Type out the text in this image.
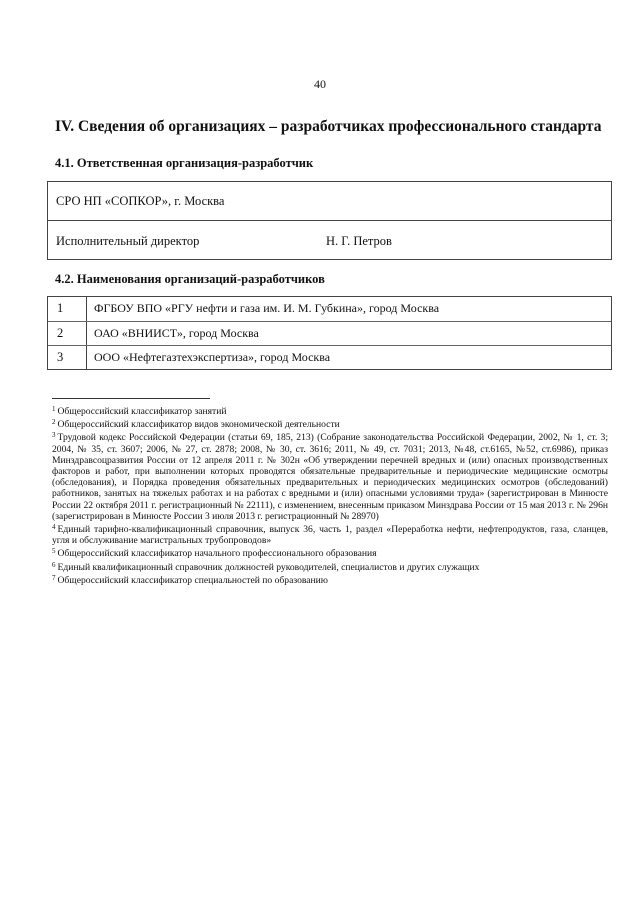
40
IV. Сведения об организациях – разработчиках профессионального стандарта
4.1. Ответственная организация-разработчик
СРО НП «СОПКОР», г. Москва
Исполнительный директор	Н. Г. Петров
4.2. Наименования организаций-разработчиков
1	ФГБОУ ВПО «РГУ нефти и газа им. И. М. Губкина», город Москва
2	ОАО «ВНИИСТ», город Москва
3	ООО «Нефтегазтехэкспертиза», город Москва

$^1$ Общероссийский классификатор занятий

$^2$ Общероссийский классификатор видов экономической деятельности

$^3$ Трудовой кодекс Российской Федерации (статьи 69, 185, 213) (Собрание законодательства Российской Федерации, 2002, № 1, ст. 3; 2004, № 35, ст. 3607; 2006, № 27, ст. 2878; 2008, № 30, ст. 3616; 2011, № 49, ст. 7031; 2013, №48, ст.6165, №52, ст.6986), приказ Минздравсоцразвития России от 12 апреля 2011 г. № 302н «Об утверждении перечней вредных и (или) опасных производственных факторов и работ, при выполнении которых проводятся обязательные предварительные и периодические медицинские осмотры (обследования), и Порядка проведения обязательных предварительных и периодических медицинских осмотров (обследований) работников, занятых на тяжелых работах и на работах с вредными и (или) опасными условиями труда» (зарегистрирован в Минюсте России 22 октября 2011 г. регистрационный № 22111), с изменением, внесенным приказом Минздрава России от 15 мая 2013 г. № 296н (зарегистрирован в Минюсте России 3 июля 2013 г. регистрационный № 28970)

$^4$ Единый тарифно-квалификационный справочник, выпуск 36, часть 1, раздел «Переработка нефти, нефтепродуктов, газа, сланцев, угля и обслуживание магистральных трубопроводов»

$^5$ Общероссийский классификатор начального профессионального образования

$^6$ Единый квалификационный справочник должностей руководителей, специалистов и других служащих

$^7$ Общероссийский классификатор специальностей по образованию
